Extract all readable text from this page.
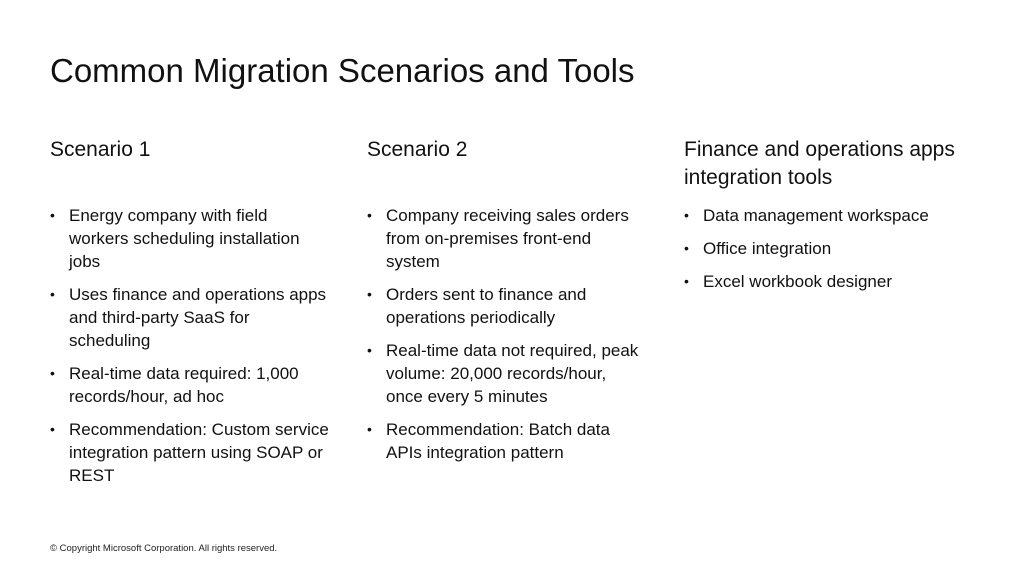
Common Migration Scenarios and Tools
Scenario 1
• Energy company with field workers scheduling installation jobs
• Uses finance and operations apps and third-party SaaS for scheduling
• Real-time data required: 1,000 records/hour, ad hoc
• Recommendation: Custom service integration pattern using SOAP or REST
Scenario 2
• Company receiving sales orders from on-premises front-end system
• Orders sent to finance and operations periodically
• Real-time data not required, peak volume: 20,000 records/hour, once every 5 minutes
• Recommendation: Batch data APIs integration pattern
Finance and operations apps integration tools
• Data management workspace
• Office integration
• Excel workbook designer
© Copyright Microsoft Corporation. All rights reserved.
